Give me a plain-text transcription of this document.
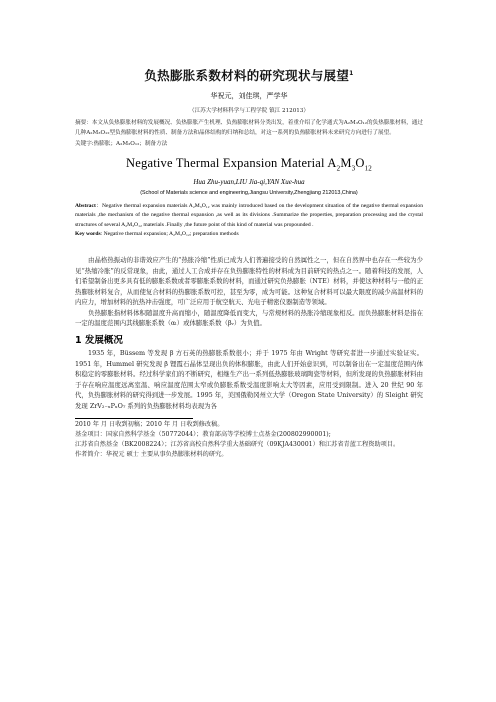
负热膨胀系数材料的研究现状与展望$^1$
华祝元，刘佳琪，严学华
（江苏大学材料科学与工程学院 镇江 212013）
摘要：本文从负热膨胀材料的发展概况、负热膨胀产生机理、负热膨胀材料分类出发，着重介绍了化学通式为A₂M₃O₁₂的负热膨胀材料，通过几种A₂M₃O₁₂型负热膨胀材料的性质、制备方法和晶体结构的归纳和总结，对这一系列的负热膨胀材料未来研究方向进行了展望。
关键字:热膨胀；A₂M₃O₁₂；制备方法
Negative Thermal Expansion Material $A_2M_3O_{12}$
Hua Zhu-yuan,LIU Jia-qi,YAN Xue-hua
(School of Materials science and engineering,Jiangsu University,Zhengjiang 212013,China)
Abstract：Negative thermal expansion materials A₂M₃O₁₂ was mainly introduced based on the development situation of the negative thermal expansion materials ,the mechanism of the negative thermal expansion ,as well as its divisions .Summarize the properties, preparation processing and the crystal structures of several A₂M₃O₁₂ materials .Finally ,the future point of this kind of material was propounded .
Key words: Negative thermal expansion; A₂M₃O₁₂; preparation methods
由晶格热振动的非谐效应产生的“热胀冷缩”性质已成为人们普遍接受的自然属性之一，但在自然界中也存在一些较为少见“热缩冷胀”的反常现象，由此，通过人工合成并存在负热膨胀特性的材料成为目前研究的热点之一。随着科技的发展，人们希望制备出更多具有低的膨胀系数或者零膨胀系数的材料，而通过研究负热膨胀（NTE）材料，并使这种材料与一般的正热膨胀材料复合，从而使复合材料的热膨胀系数可控，甚至为零，成为可能。这种复合材料可以最大限度的减少高温材料的内应力，增加材料的抗热冲击强度，可广泛应用于航空航天、光电子精密仪器制造等领域。
负热膨胀指材料体积随温度升高而缩小，随温度降低而变大，与常规材料的热胀冷缩现象相反。而负热膨胀材料是指在一定的温度范围内其线膨胀系数（αₗ）或体膨胀系数（βᵥ）为负值。
1 发展概况
1935 年，Büssem 等发现 β 方石英的热膨胀系数很小；并于 1975 年由 Wright 等研究者进一步通过实验证实。1951 年，Hummel 研究发现 β 锂霞石晶体呈现出负的体积膨胀，由此人们开始意识到，可以制备出在一定温度范围内体积稳定的零膨胀材料。经过科学家们的不断研究，相继生产出一系列低热膨胀玻璃陶瓷等材料，但所发现的负热膨胀材料由于存在响应温度远离室温、响应温度范围太窄或负膨胀系数受温度影响太大等因素，应用受到限制。进入 20 世纪 90 年代，负热膨胀材料的研究得到进一步发展。1995 年，美国俄勒冈州立大学（Oregon State University）的 Sleight 研究发现 ZrV₂₋ₓPₓO₇ 系列的负热膨胀材料均表现为各
2010 年 月 日收到初稿；2010 年 月 日收到修改稿。
基金项目：国家自然科学基金（50772044）；教育部高等学校博士点基金(200802990001);
江苏省自然基金（BK2008224）；江苏省高校自然科学重大基础研究（09KJA430001）和江苏省青蓝工程资助项目。
作者简介：华祝元 硕士 主要从事负热膨胀材料的研究。
